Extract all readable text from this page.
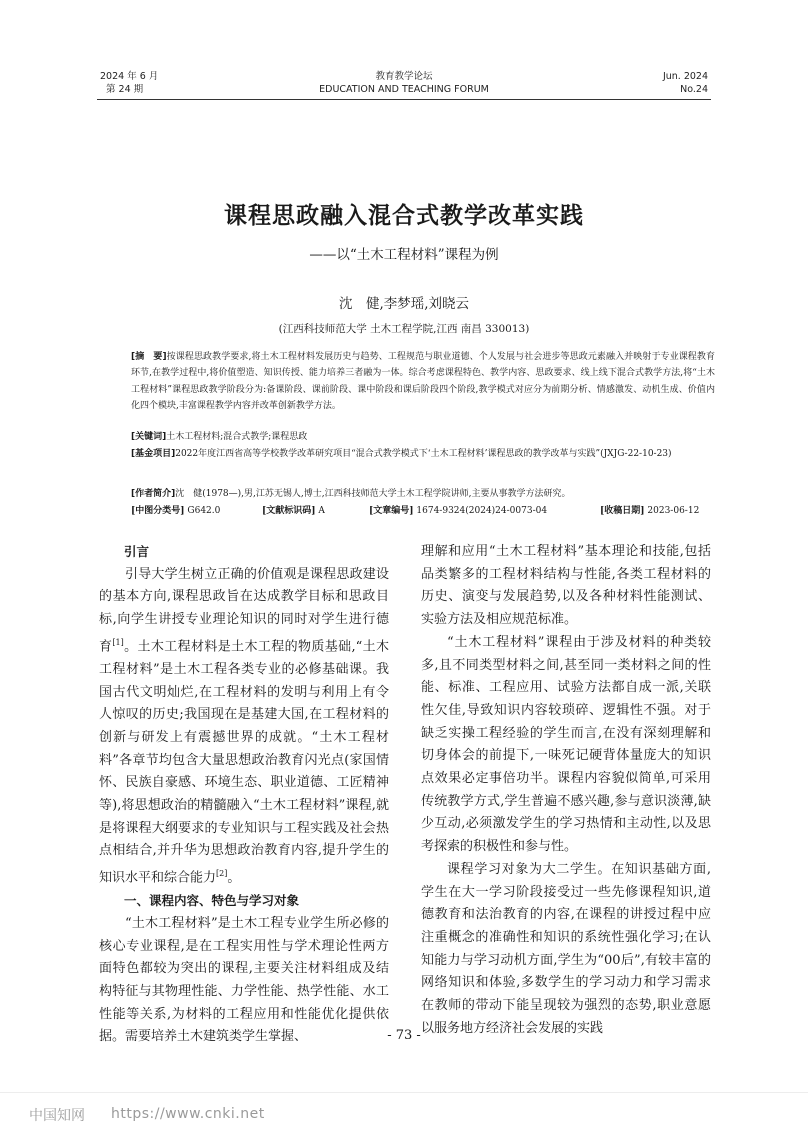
2024 年 6 月
第 24 期
教育教学论坛
EDUCATION AND TEACHING FORUM
Jun. 2024
No.24
课程思政融入混合式教学改革实践
——以“土木工程材料”课程为例
沈　健,李梦瑶,刘晓云
(江西科技师范大学 土木工程学院,江西 南昌 330013)
[摘　要]按课程思政教学要求,将土木工程材料发展历史与趋势、工程规范与职业道德、个人发展与社会进步等思政元素融入并映射于专业课程教育环节,在教学过程中,将价值塑造、知识传授、能力培养三者融为一体。综合考虑课程特色、教学内容、思政要求、线上线下混合式教学方法,将“土木工程材料”课程思政教学阶段分为:备课阶段、课前阶段、课中阶段和课后阶段四个阶段,教学模式对应分为前期分析、情感激发、动机生成、价值内化四个模块,丰富课程教学内容并改革创新教学方法。
[关键词]土木工程材料;混合式教学;课程思政
[基金项目]2022年度江西省高等学校教学改革研究项目“混合式教学模式下‘土木工程材料’课程思政的教学改革与实践”(JXJG-22-10-23)
[作者简介]沈　健(1978—),男,江苏无锡人,博士,江西科技师范大学土木工程学院讲师,主要从事教学方法研究。
[中图分类号] G642.0	[文献标识码] A	[文章编号] 1674-9324(2024)24-0073-04	[收稿日期] 2023-06-12

引言

引导大学生树立正确的价值观是课程思政建设的基本方向,课程思政旨在达成教学目标和思政目标,向学生讲授专业理论知识的同时对学生进行德育[1]。土木工程材料是土木工程的物质基础,“土木工程材料”是土木工程各类专业的必修基础课。我国古代文明灿烂,在工程材料的发明与利用上有令人惊叹的历史;我国现在是基建大国,在工程材料的创新与研发上有震撼世界的成就。“土木工程材料”各章节均包含大量思想政治教育闪光点(家国情怀、民族自豪感、环境生态、职业道德、工匠精神等),将思想政治的精髓融入“土木工程材料”课程,就是将课程大纲要求的专业知识与工程实践及社会热点相结合,并升华为思想政治教育内容,提升学生的知识水平和综合能力[2]。

一、课程内容、特色与学习对象

“土木工程材料”是土木工程专业学生所必修的核心专业课程,是在工程实用性与学术理论性两方面特色都较为突出的课程,主要关注材料组成及结构特征与其物理性能、力学性能、热学性能、水工性能等关系,为材料的工程应用和性能优化提供依据。需要培养土木建筑类学生掌握、

理解和应用“土木工程材料”基本理论和技能,包括品类繁多的工程材料结构与性能,各类工程材料的历史、演变与发展趋势,以及各种材料性能测试、实验方法及相应规范标准。

“土木工程材料”课程由于涉及材料的种类较多,且不同类型材料之间,甚至同一类材料之间的性能、标准、工程应用、试验方法都自成一派,关联性欠佳,导致知识内容较琐碎、逻辑性不强。对于缺乏实操工程经验的学生而言,在没有深刻理解和切身体会的前提下,一味死记硬背体量庞大的知识点效果必定事倍功半。课程内容貌似简单,可采用传统教学方式,学生普遍不感兴趣,参与意识淡薄,缺少互动,必须激发学生的学习热情和主动性,以及思考探索的积极性和参与性。

课程学习对象为大二学生。在知识基础方面,学生在大一学习阶段接受过一些先修课程知识,道德教育和法治教育的内容,在课程的讲授过程中应注重概念的准确性和知识的系统性强化学习;在认知能力与学习动机方面,学生为“00后”,有较丰富的网络知识和体验,多数学生的学习动力和学习需求在教师的带动下能呈现较为强烈的态势,职业意愿以服务地方经济社会发展的实践

- 73 -
中国知网 https://www.cnki.net
